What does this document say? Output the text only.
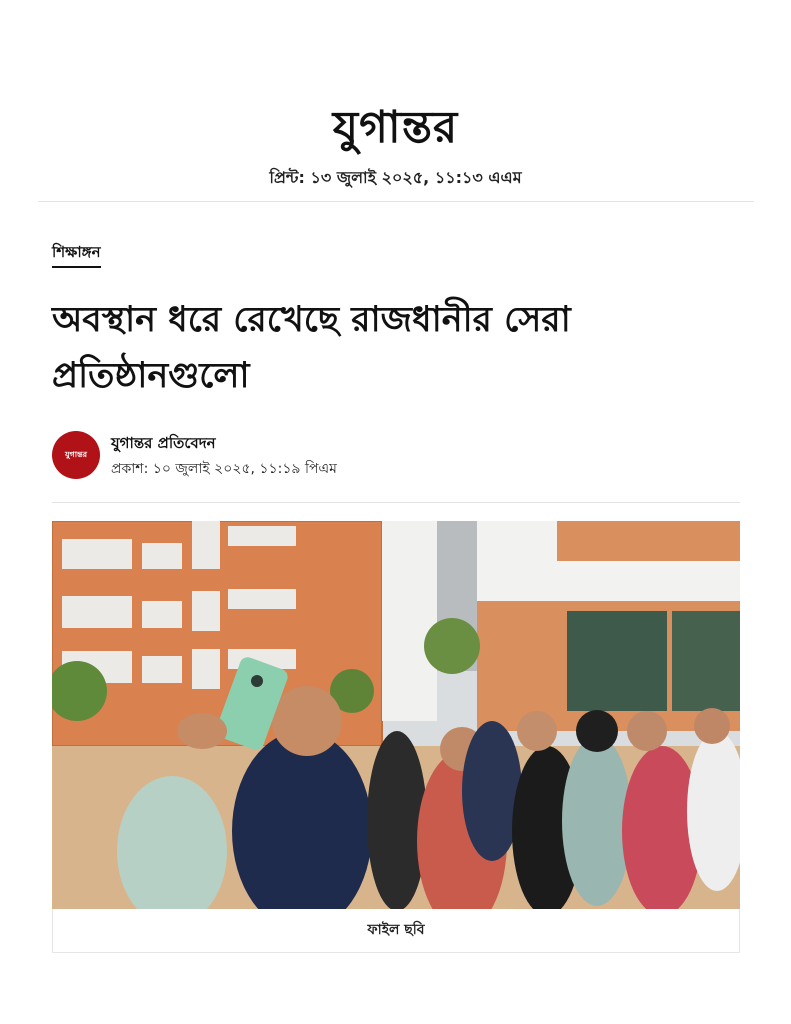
যুগান্তর
প্রিন্ট: ১৩ জুলাই ২০২৫, ১১:১৩ এএম
শিক্ষাঙ্গন
অবস্থান ধরে রেখেছে রাজধানীর সেরা প্রতিষ্ঠানগুলো
যুগান্তর
যুগান্তর প্রতিবেদন
প্রকাশ: ১০ জুলাই ২০২৫, ১১:১৯ পিএম
ফাইল ছবি
